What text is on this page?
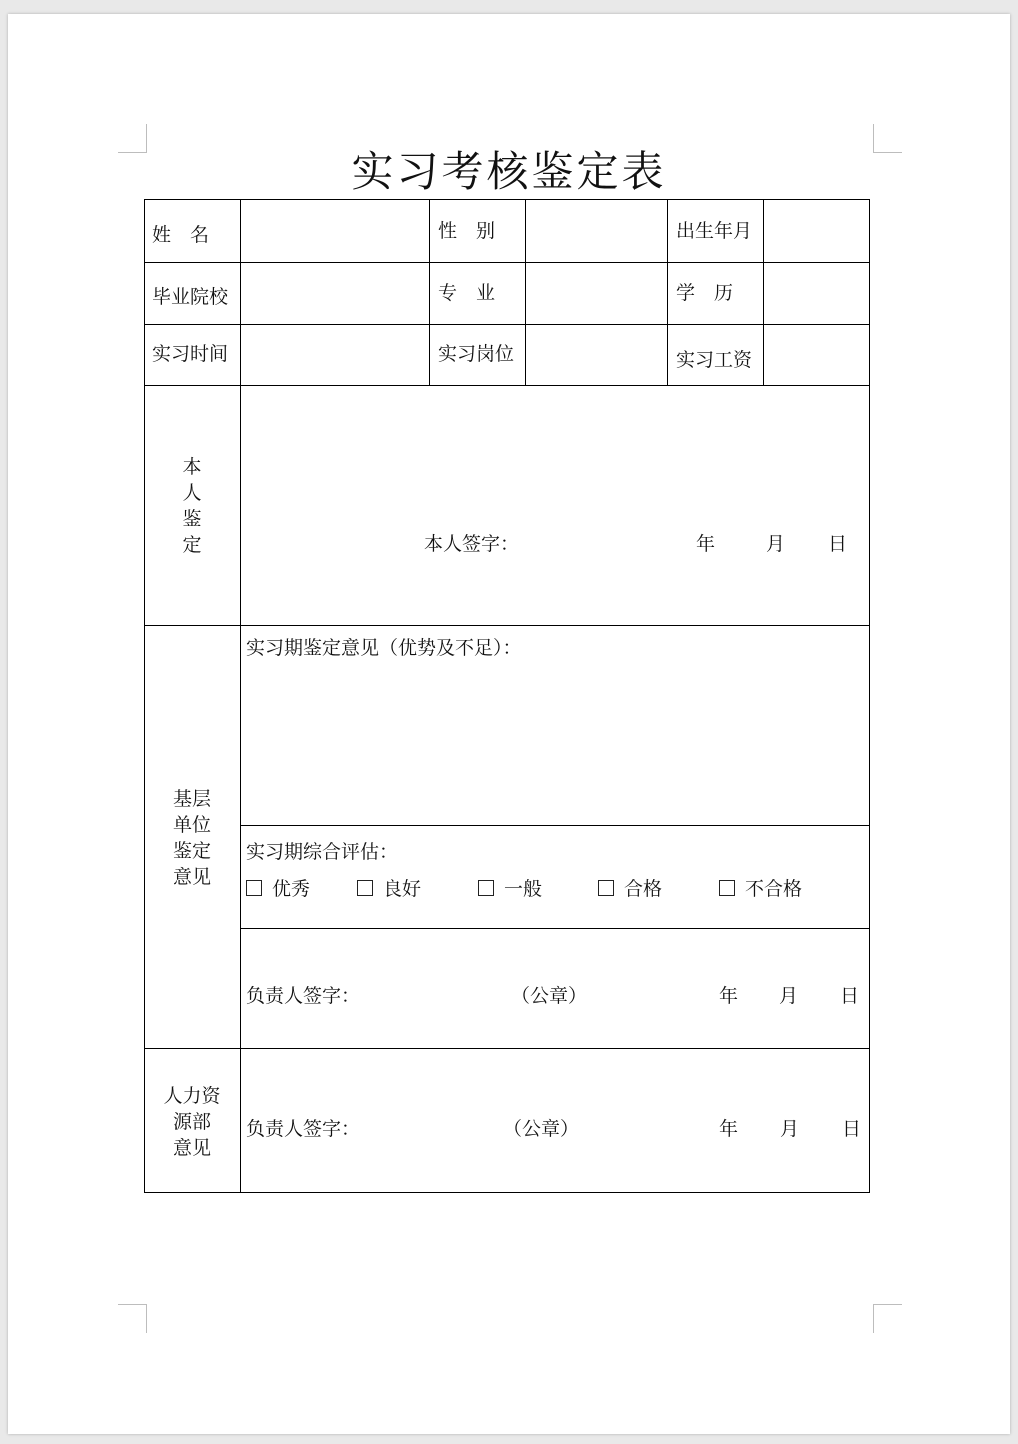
实习考核鉴定表
姓　名	性　别	出生年月
毕业院校	专　业	学　历
实习时间	实习岗位	实习工资
本
人
鉴
定	本人签字：	年	月 日
基层
单位
鉴定
意见
实习期鉴定意见（优势及不足）：
实习期综合评估：
优秀	良好	一般	合格	不合格
负责人签字：	（公章）	年 月 日
人力资
源部
意见
负责人签字：	（公章）	年 月 日
